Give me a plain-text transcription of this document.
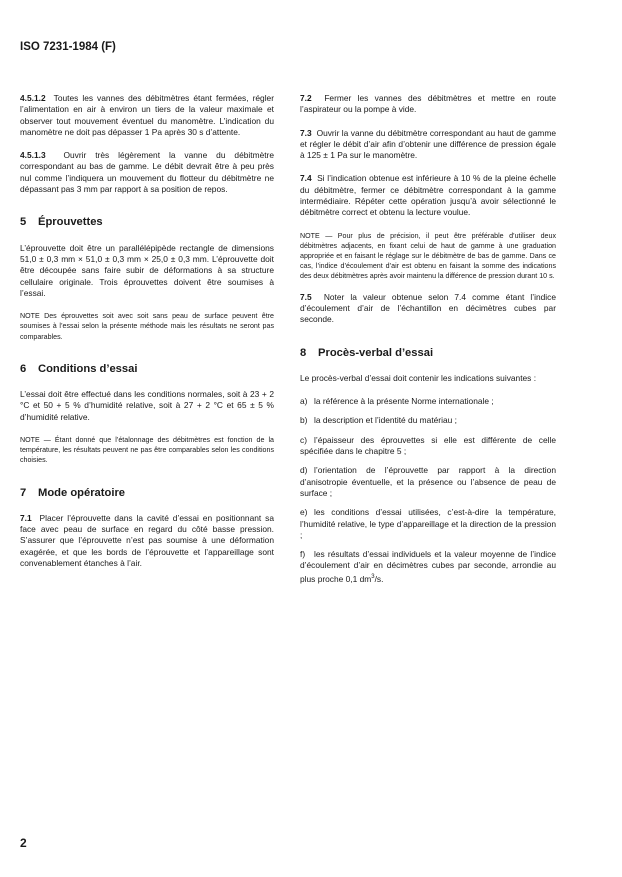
ISO 7231-1984 (F)

4.5.1.2 Toutes les vannes des débitmètres étant fermées, régler l’alimentation en air à environ un tiers de la valeur maximale et observer tout mouvement éventuel du manomètre. L’indication du manomètre ne doit pas dépasser 1 Pa après 30 s d’attente.

4.5.1.3 Ouvrir très légèrement la vanne du débitmètre correspondant au bas de gamme. Le débit devrait être à peu près nul comme l’indiquera un mouvement du flotteur du débitmètre ne dépassant pas 3 mm par rapport à sa position de repos.

5 Éprouvettes

L’éprouvette doit être un parallélépipède rectangle de dimensions 51,0 ± 0,3 mm × 51,0 ± 0,3 mm × 25,0 ± 0,3 mm. L’éprouvette doit être découpée sans faire subir de déformations à sa structure cellulaire originale. Trois éprouvettes doivent être soumises à l’essai.

NOTE Des éprouvettes soit avec soit sans peau de surface peuvent être soumises à l’essai selon la présente méthode mais les résultats ne seront pas comparables.

6 Conditions d’essai

L’essai doit être effectué dans les conditions normales, soit à 23 + 2 °C et 50 + 5 % d’humidité relative, soit à 27 + 2 °C et 65 ± 5 % d’humidité relative.

NOTE — Étant donné que l’étalonnage des débitmètres est fonction de la température, les résultats peuvent ne pas être comparables selon les conditions choisies.

7 Mode opératoire

7.1 Placer l’éprouvette dans la cavité d’essai en positionnant sa face avec peau de surface en regard du côté basse pression. S’assurer que l’éprouvette n’est pas soumise à une déformation exagérée, et que les bords de l’éprouvette et l’appareillage sont convenablement étanches à l’air.

7.2 Fermer les vannes des débitmètres et mettre en route l’aspirateur ou la pompe à vide.

7.3 Ouvrir la vanne du débitmètre correspondant au haut de gamme et régler le débit d’air afin d’obtenir une différence de pression égale à 125 ± 1 Pa sur le manomètre.

7.4 Si l’indication obtenue est inférieure à 10 % de la pleine échelle du débitmètre, fermer ce débitmètre correspondant à la gamme intermédiaire. Répéter cette opération jusqu’à avoir sélectionné le débitmètre correct et obtenu la lecture voulue.

NOTE — Pour plus de précision, il peut être préférable d’utiliser deux débitmètres adjacents, en fixant celui de haut de gamme à une graduation appropriée et en faisant le réglage sur le débitmètre de bas de gamme. Dans ce cas, l’indice d’écoulement d’air est obtenu en faisant la somme des indications des deux débitmètres après avoir maintenu la différence de pression durant 10 s.

7.5 Noter la valeur obtenue selon 7.4 comme étant l’indice d’écoulement d’air de l’échantillon en décimètres cubes par seconde.

8 Procès-verbal d’essai

Le procès-verbal d’essai doit contenir les indications suivantes :

a) la référence à la présente Norme internationale ;

b) la description et l’identité du matériau ;

c) l’épaisseur des éprouvettes si elle est différente de celle spécifiée dans le chapitre 5 ;

d) l’orientation de l’éprouvette par rapport à la direction d’anisotropie éventuelle, et la présence ou l’absence de peau de surface ;

e) les conditions d’essai utilisées, c’est-à-dire la température, l’humidité relative, le type d’appareillage et la direction de la pression ;

f) les résultats d’essai individuels et la valeur moyenne de l’indice d’écoulement d’air en décimètres cubes par seconde, arrondie au plus proche 0,1 $dm^3/s$.

2
